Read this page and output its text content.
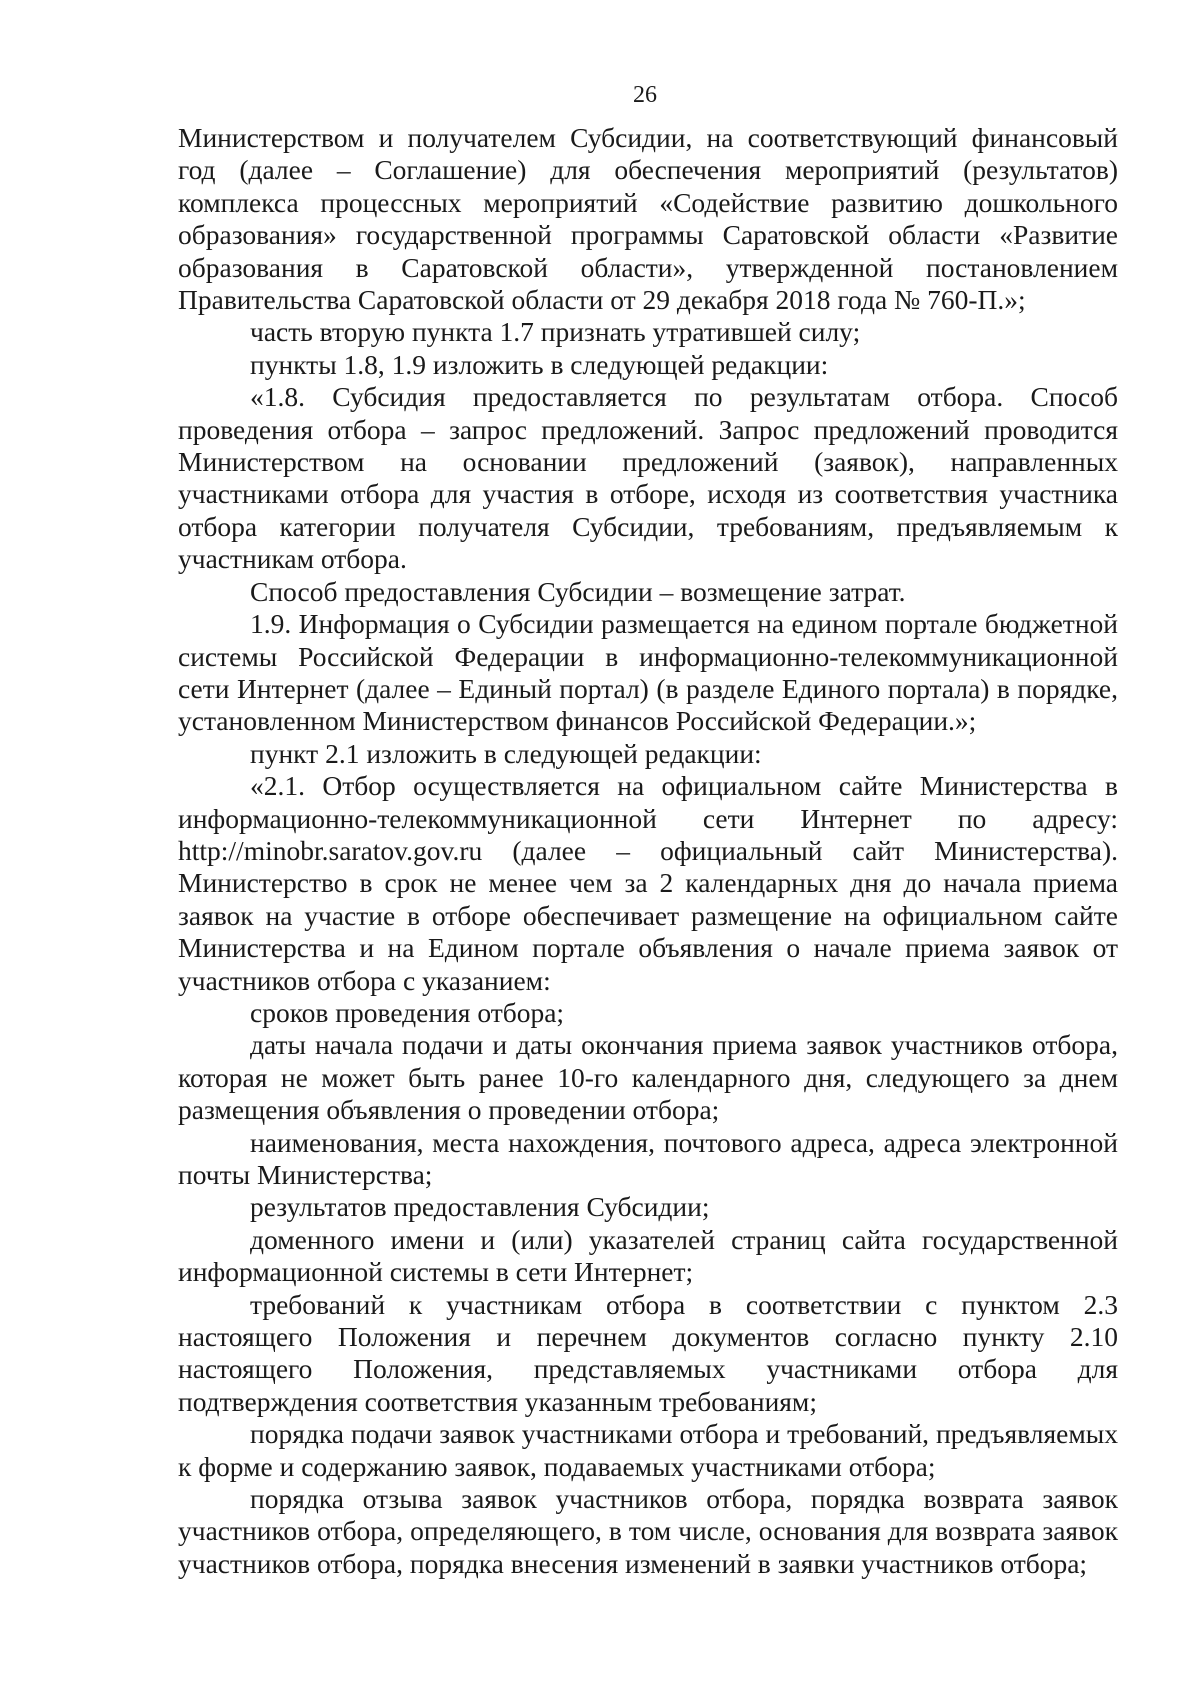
26

Министерством и получателем Субсидии, на соответствующий финансовый год (далее – Соглашение) для обеспечения мероприятий (результатов) комплекса процессных мероприятий «Содействие развитию дошкольного образования» государственной программы Саратовской области «Развитие образования в Саратовской области», утвержденной постановлением Правительства Саратовской области от 29 декабря 2018 года № 760-П.»;

часть вторую пункта 1.7 признать утратившей силу;

пункты 1.8, 1.9 изложить в следующей редакции:

«1.8. Субсидия предоставляется по результатам отбора. Способ проведения отбора – запрос предложений. Запрос предложений проводится Министерством на основании предложений (заявок), направленных участниками отбора для участия в отборе, исходя из соответствия участника отбора категории получателя Субсидии, требованиям, предъявляемым к участникам отбора.

Способ предоставления Субсидии – возмещение затрат.

1.9. Информация о Субсидии размещается на едином портале бюджетной системы Российской Федерации в информационно-телекоммуникационной сети Интернет (далее – Единый портал) (в разделе Единого портала) в порядке, установленном Министерством финансов Российской Федерации.»;

пункт 2.1 изложить в следующей редакции:

«2.1. Отбор осуществляется на официальном сайте Министерства в информационно-телекоммуникационной сети Интернет по адресу: http://minobr.saratov.gov.ru (далее – официальный сайт Министерства). Министерство в срок не менее чем за 2 календарных дня до начала приема заявок на участие в отборе обеспечивает размещение на официальном сайте Министерства и на Едином портале объявления о начале приема заявок от участников отбора с указанием:

сроков проведения отбора;

даты начала подачи и даты окончания приема заявок участников отбора, которая не может быть ранее 10-го календарного дня, следующего за днем размещения объявления о проведении отбора;

наименования, места нахождения, почтового адреса, адреса электронной почты Министерства;

результатов предоставления Субсидии;

доменного имени и (или) указателей страниц сайта государственной информационной системы в сети Интернет;

требований к участникам отбора в соответствии с пунктом 2.3 настоящего Положения и перечнем документов согласно пункту 2.10 настоящего Положения, представляемых участниками отбора для подтверждения соответствия указанным требованиям;

порядка подачи заявок участниками отбора и требований, предъявляемых к форме и содержанию заявок, подаваемых участниками отбора;

порядка отзыва заявок участников отбора, порядка возврата заявок участников отбора, определяющего, в том числе, основания для возврата заявок участников отбора, порядка внесения изменений в заявки участников отбора;
